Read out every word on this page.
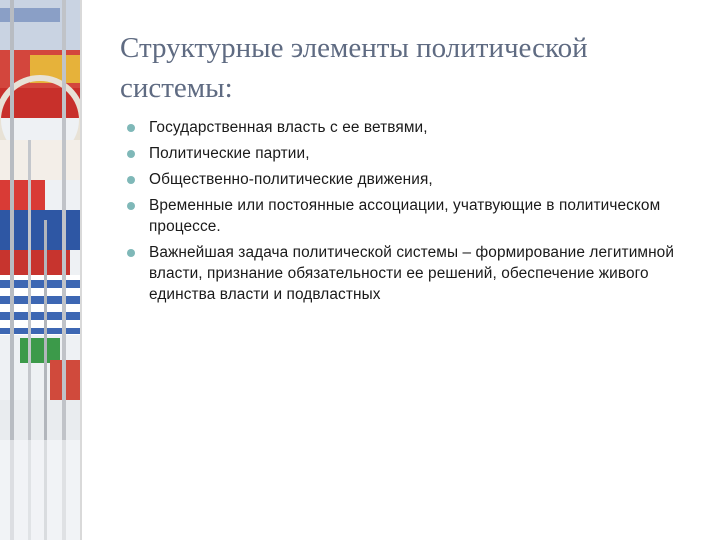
Структурные элементы политической
системы:
Государственная власть с ее ветвями,
Политические партии,
Общественно-политические движения,
Временные или постоянные ассоциации, учатвующие в политическом процессе.
Важнейшая задача политической системы – формирование легитимной власти, признание обязательности ее решений, обеспечение живого единства власти и подвластных
